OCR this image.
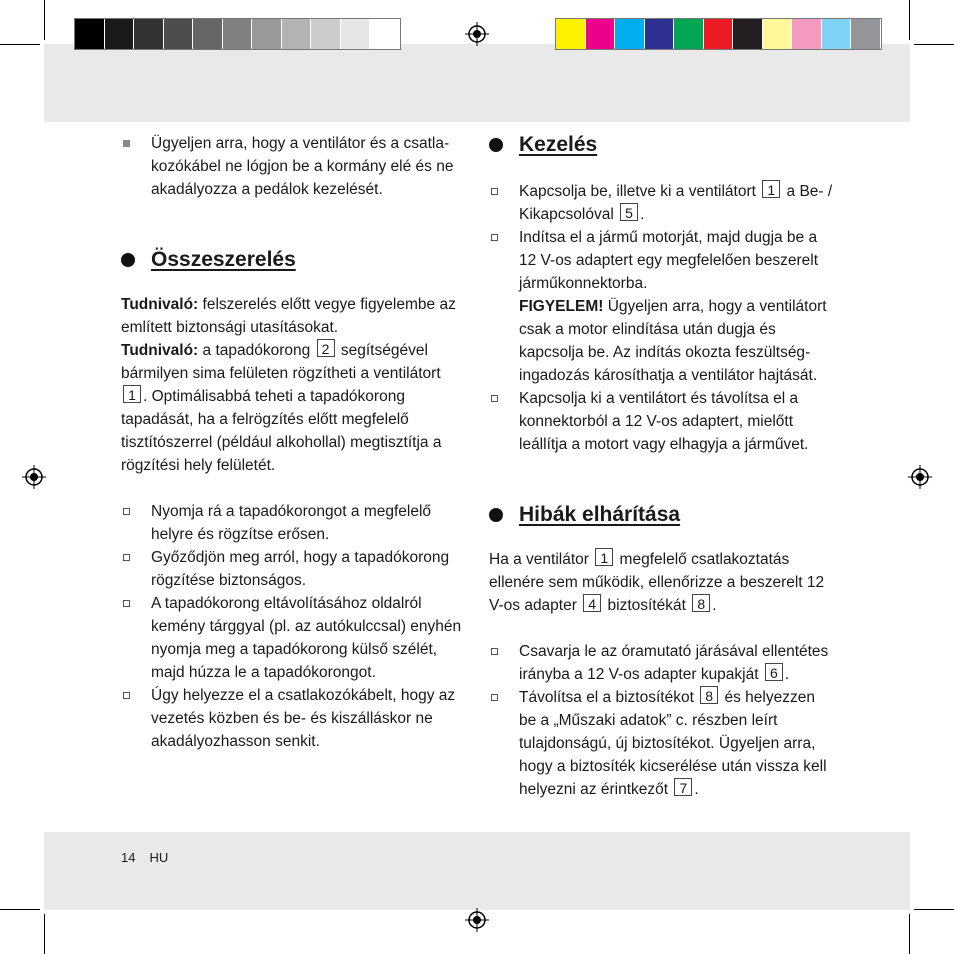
Ügyeljen arra, hogy a ventilátor és a csatlakozókábel ne lógjon be a kormány elé és ne akadályozza a pedálok kezelését.

Összeszerelés

Tudnivaló: felszerelés előtt vegye figyelembe az említett biztonsági utasításokat.

Tudnivaló: a tapadókorong 2 segítségével bármilyen sima felületen rögzítheti a ventilátort 1 . Optimálisabbá teheti a tapadókorong tapadását, ha a felrögzítés előtt megfelelő tisztítószerrel (például alkohollal) megtisztítja a rögzítési hely felületét.

Nyomja rá a tapadókorongot a megfelelő helyre és rögzítse erősen.

Győződjön meg arról, hogy a tapadókorong rögzítése biztonságos.

A tapadókorong eltávolításához oldalról kemény tárggyal (pl. az autókulccsal) enyhén nyomja meg a tapadókorong külső szélét, majd húzza le a tapadókorongot.

Úgy helyezze el a csatlakozókábelt, hogy az vezetés közben és be- és kiszálláskor ne akadályozhasson senkit.

Kezelés

Kapcsolja be, illetve ki a ventilátort 1 a Be- / Kikapcsolóval 5 .

Indítsa el a jármű motorját, majd dugja be a 12 V-os adaptert egy megfelelően beszerelt járműkonnektorba.
FIGYELEM! Ügyeljen arra, hogy a ventilátort csak a motor elindítása után dugja és kapcsolja be. Az indítás okozta feszültségingadozás károsíthatja a ventilátor hajtását.

Kapcsolja ki a ventilátort és távolítsa el a konnektorból a 12 V-os adaptert, mielőtt leállítja a motort vagy elhagyja a járművet.

Hibák elhárítása

Ha a ventilátor 1 megfelelő csatlakoztatás ellenére sem működik, ellenőrizze a beszerelt 12 V-os adapter 4 biztosítékát 8 .

Csavarja le az óramutató járásával ellentétes irányba a 12 V-os adapter kupakját 6 .

Távolítsa el a biztosítékot 8 és helyezzen be a „Műszaki adatok” c. részben leírt tulajdonságú, új biztosítékot. Ügyeljen arra, hogy a biztosíték kicserélése után vissza kell helyezni az érintkezőt 7 .

14 HU
